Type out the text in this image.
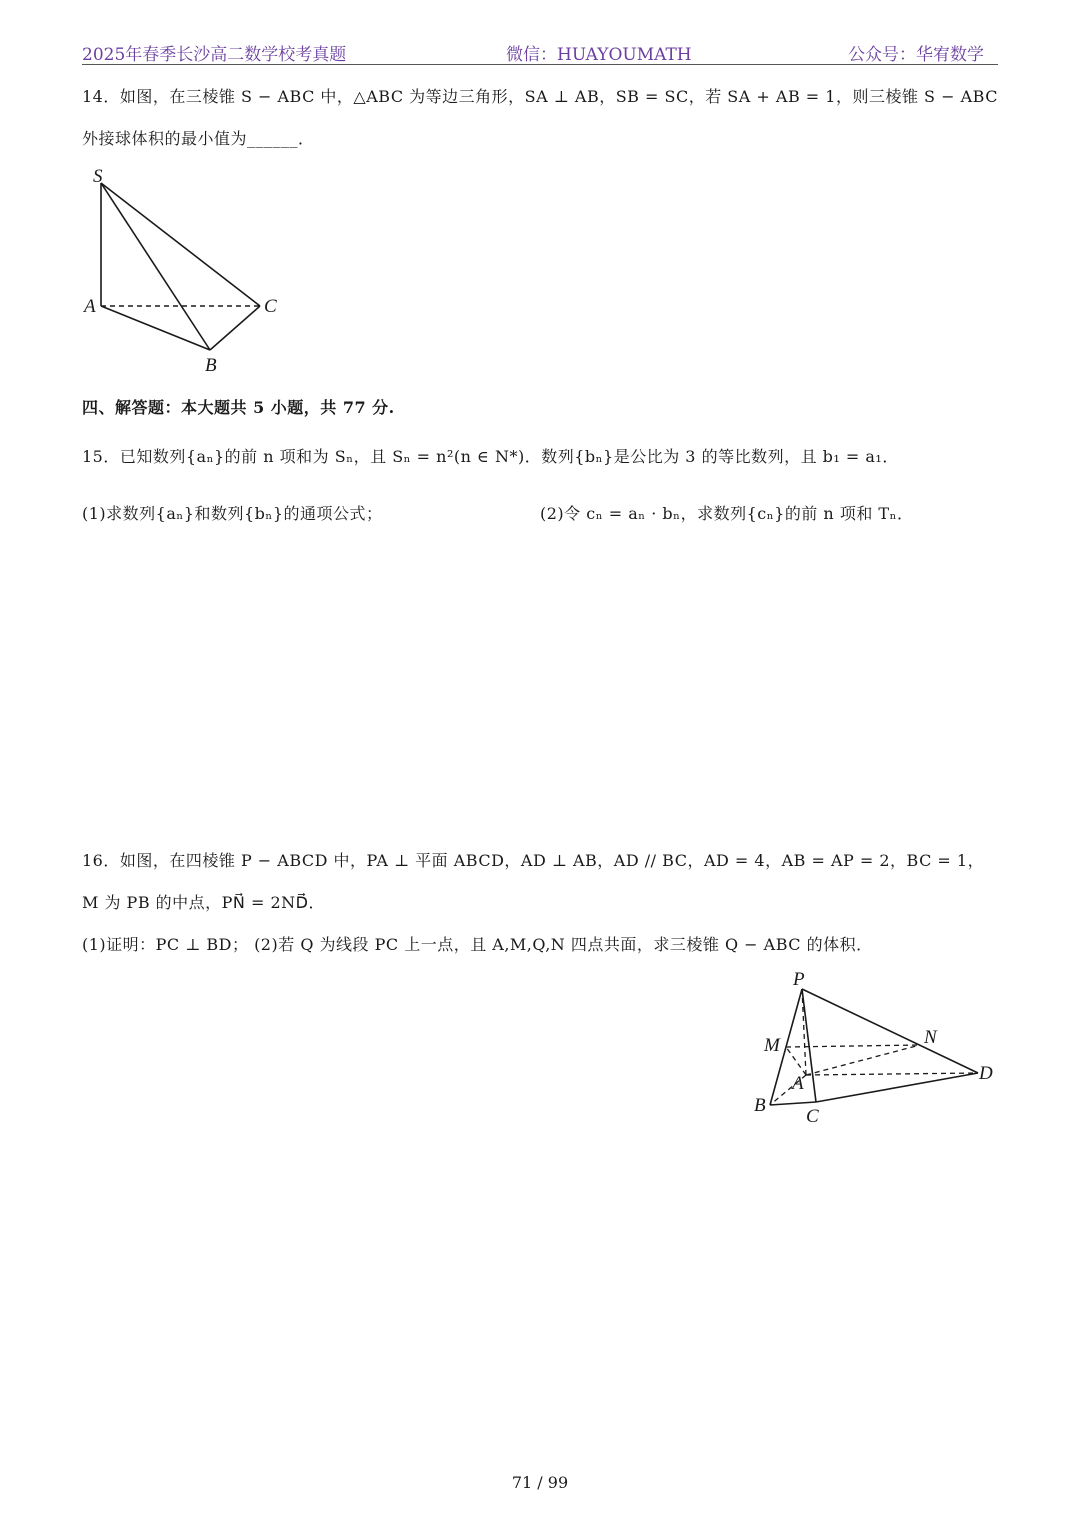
2025年春季长沙高二数学校考真题	微信：HUAYOUMATH	公众号：华宥数学
14．如图，在三棱锥 S − ABC 中，△ABC 为等边三角形，SA ⊥ AB，SB = SC，若 SA + AB = 1，则三棱锥 S − ABC
外接球体积的最小值为______．
S
A
B
C
四、解答题：本大题共 5 小题，共 77 分.
15．已知数列{aₙ}的前 n 项和为 Sₙ，且 Sₙ = n²(n ∈ N*)．数列{bₙ}是公比为 3 的等比数列，且 b₁ = a₁．
(1)求数列{aₙ}和数列{bₙ}的通项公式；	(2)令 cₙ = aₙ · bₙ，求数列{cₙ}的前 n 项和 Tₙ．
16．如图，在四棱锥 P − ABCD 中，PA ⊥ 平面 ABCD，AD ⊥ AB，AD // BC，AD = 4，AB = AP = 2，BC = 1，
M 为 PB 的中点，PN⃗ = 2ND⃗．
(1)证明：PC ⊥ BD； (2)若 Q 为线段 PC 上一点，且 A,M,Q,N 四点共面，求三棱锥 Q − ABC 的体积．
P
M	N
A
B
C
D
71 / 99
